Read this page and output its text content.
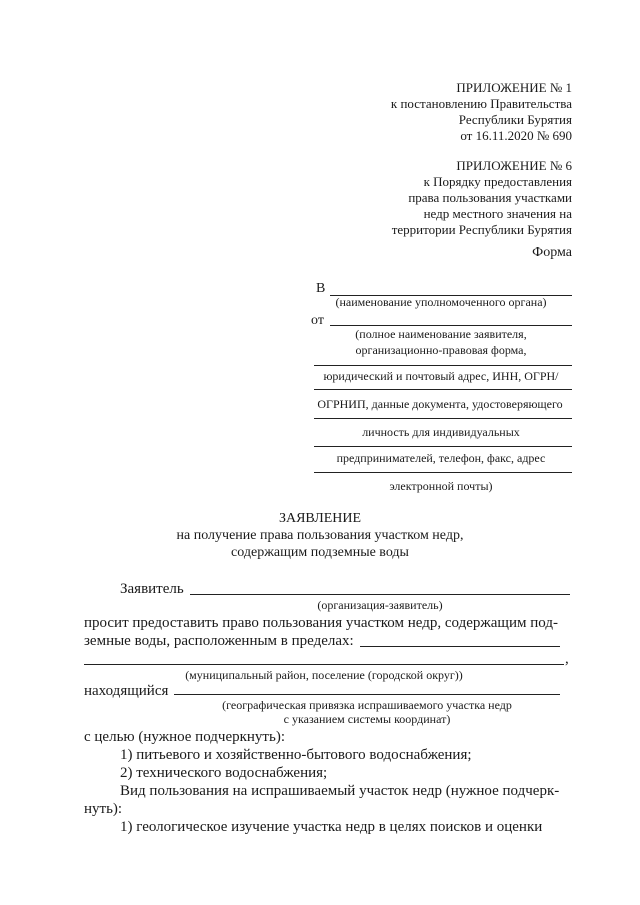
ПРИЛОЖЕНИЕ № 1
к постановлению Правительства
Республики Бурятия
от 16.11.2020 № 690
ПРИЛОЖЕНИЕ № 6
к Порядку предоставления
права пользования участками
недр местного значения на
территории Республики Бурятия
Форма
В
(наименование уполномоченного органа)
от
(полное наименование заявителя,
организационно-правовая форма,
юридический и почтовый адрес, ИНН, ОГРН/
ОГРНИП, данные документа, удостоверяющего
личность для индивидуальных
предпринимателей, телефон, факс, адрес
электронной почты)
ЗАЯВЛЕНИЕ
на получение права пользования участком недр,
содержащим подземные воды
Заявитель
(организация-заявитель)
просит предоставить право пользования участком недр, содержащим под-
земные воды, расположенным в пределах:
,
(муниципальный район, поселение (городской округ))
находящийся
(географическая привязка испрашиваемого участка недр
с указанием системы координат)
с целью (нужное подчеркнуть):
1) питьевого и хозяйственно-бытового водоснабжения;
2) технического водоснабжения;
Вид пользования на испрашиваемый участок недр (нужное подчерк-
нуть):
1) геологическое изучение участка недр в целях поисков и оценки
